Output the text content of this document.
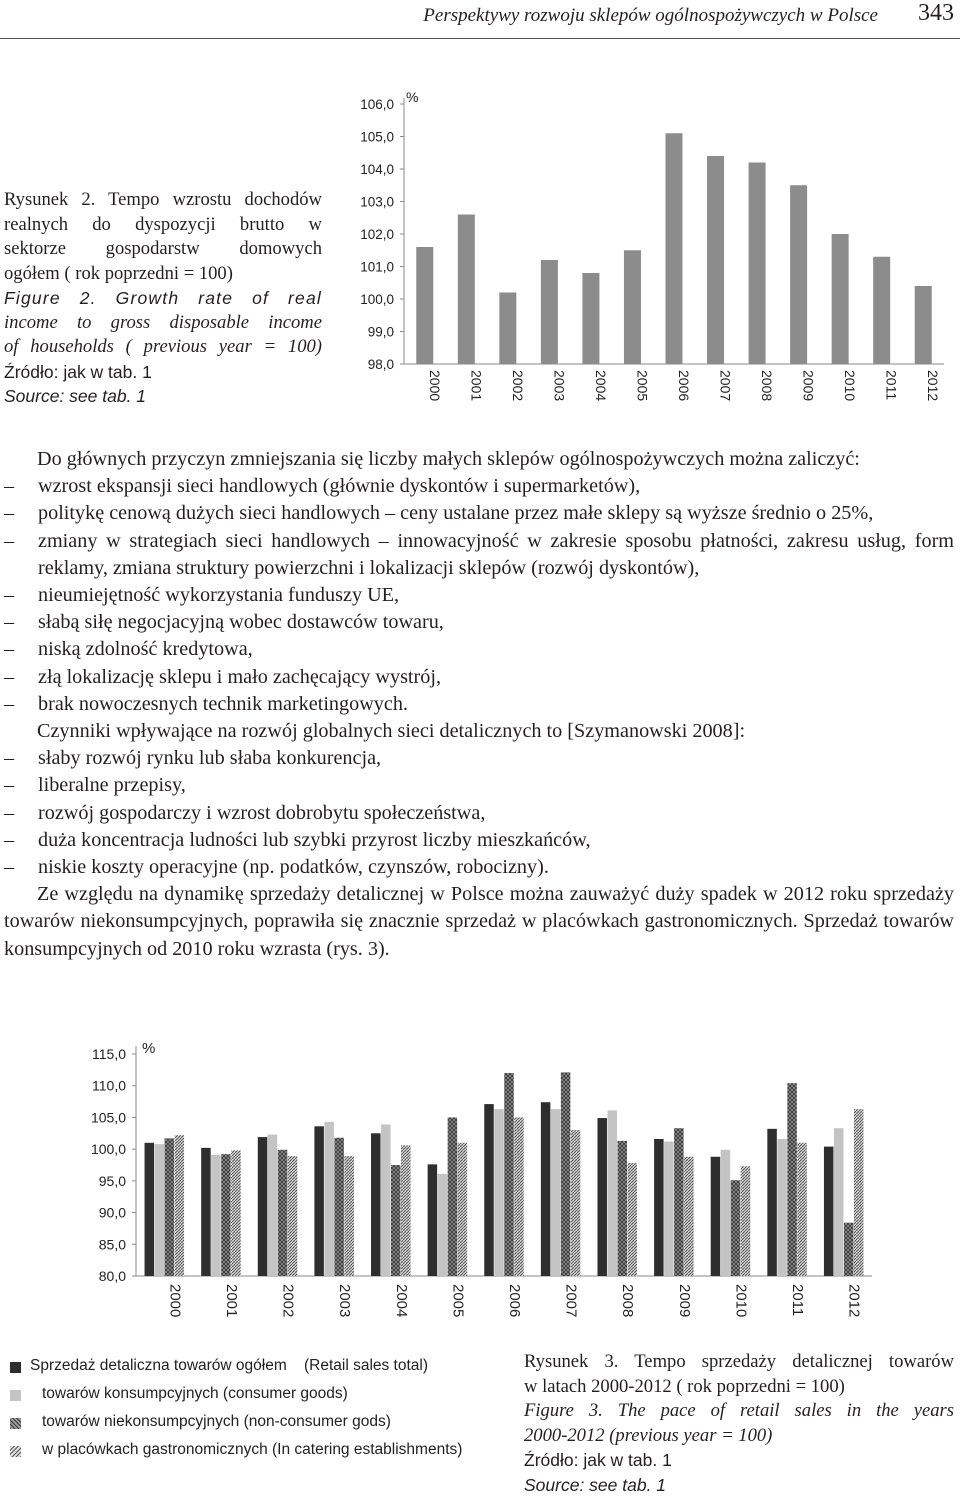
Perspektywy rozwoju sklepów ogólnospożywczych w Polsce 343
Rysunek 2. Tempo wzrostu dochodów
realnych do dyspozycji brutto w
sektorze gospodarstw domowych
ogółem ( rok poprzedni = 100)
Figure 2. Growth rate of real
income to gross disposable income
of households ( previous year = 100)
Źródło: jak w tab. 1
Source: see tab. 1
%
98,0
99,0
100,0
101,0
102,0
103,0
104,0
105,0
106,0
2000 2001 2002 2003 2004 2005 2006 2007 2008 2009 2010 2011 2012
Do głównych przyczyn zmniejszania się liczby małych sklepów ogólnospożywczych można zaliczyć:
– wzrost ekspansji sieci handlowych (głównie dyskontów i supermarketów),
– politykę cenową dużych sieci handlowych – ceny ustalane przez małe sklepy są wyższe średnio o 25%,
– zmiany w strategiach sieci handlowych – innowacyjność w zakresie sposobu płatności, zakresu usług, form reklamy, zmiana struktury powierzchni i lokalizacji sklepów (rozwój dyskontów),
– nieumiejętność wykorzystania funduszy UE,
– słabą siłę negocjacyjną wobec dostawców towaru,
– niską zdolność kredytowa,
– złą lokalizację sklepu i mało zachęcający wystrój,
– brak nowoczesnych technik marketingowych.
Czynniki wpływające na rozwój globalnych sieci detalicznych to [Szymanowski 2008]:
– słaby rozwój rynku lub słaba konkurencja,
– liberalne przepisy,
– rozwój gospodarczy i wzrost dobrobytu społeczeństwa,
– duża koncentracja ludności lub szybki przyrost liczby mieszkańców,
– niskie koszty operacyjne (np. podatków, czynszów, robocizny).
Ze względu na dynamikę sprzedaży detalicznej w Polsce można zauważyć duży spadek w 2012 roku sprzedaży towarów niekonsumpcyjnych, poprawiła się znacznie sprzedaż w placówkach gastronomicznych. Sprzedaż towarów konsumpcyjnych od 2010 roku wzrasta (rys. 3).
%
80,0
85,0
90,0
95,0
100,0
105,0
110,0
115,0
2000	2001	2002	2003	2004	2005	2006	2007	2008	2009	2010	2011	2012
Sprzedaż detaliczna towarów ogółem    (Retail sales total)
towarów konsumpcyjnych (consumer goods)
towarów niekonsumpcyjnych (non-consumer gods)
w placówkach gastronomicznych (In catering establishments)
Rysunek 3. Tempo sprzedaży detalicznej towarów
w latach 2000-2012 ( rok poprzedni = 100)
Figure 3. The pace of retail sales in the years
2000-2012 (previous year = 100)
Źródło: jak w tab. 1
Source: see tab. 1
